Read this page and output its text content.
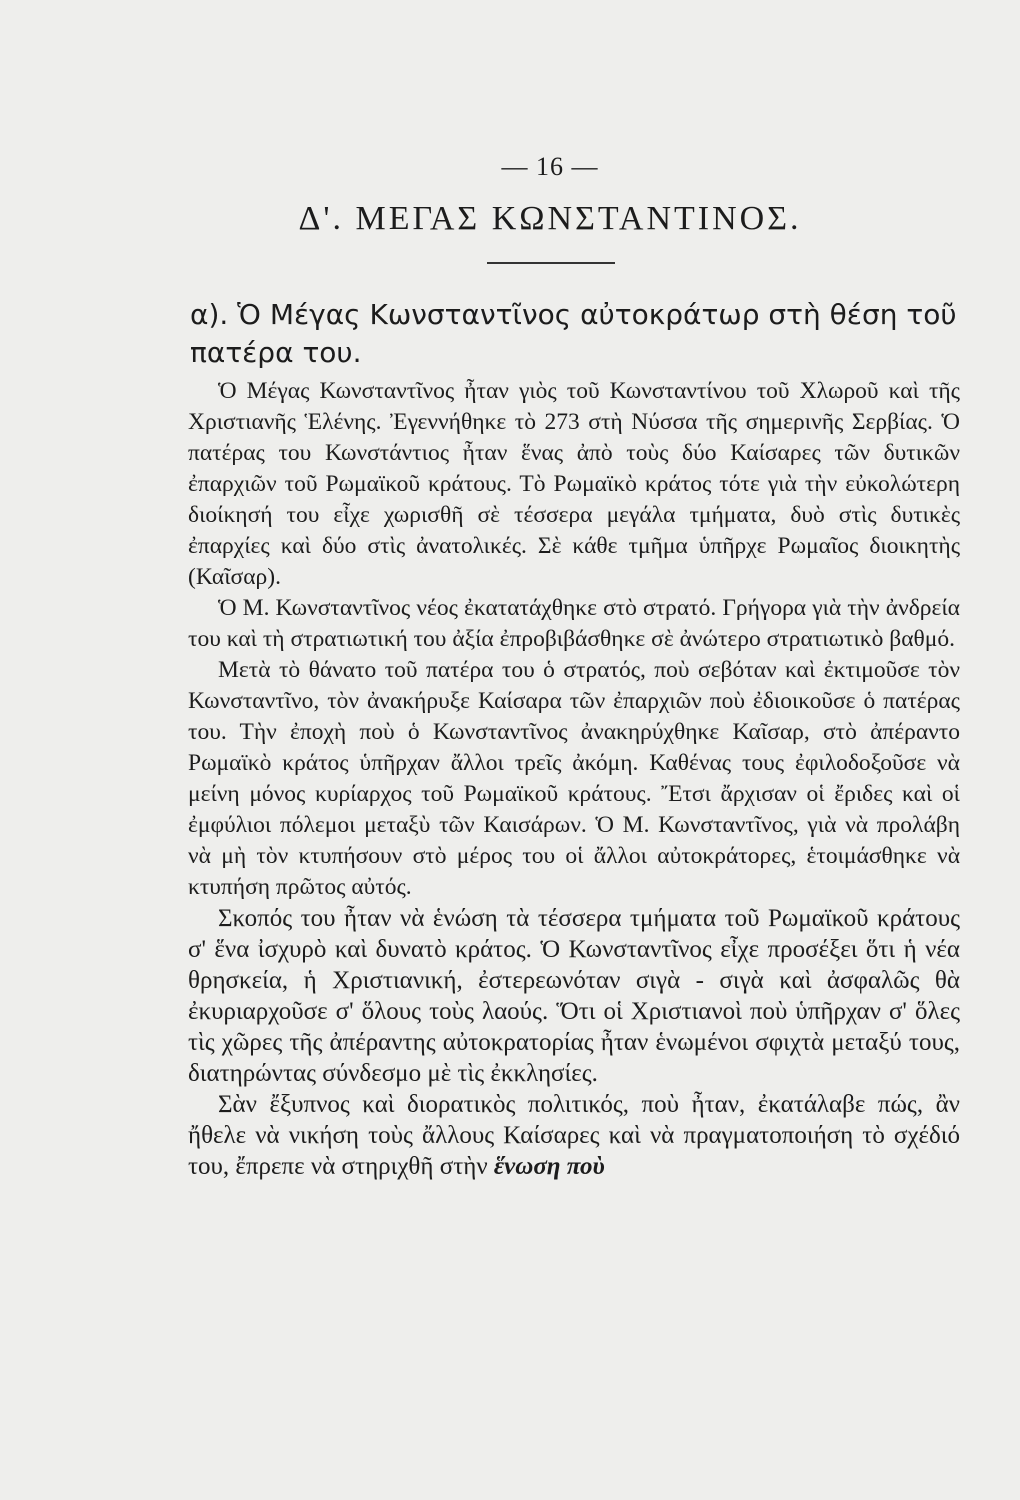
— 16 —
Δ'. ΜΕΓΑΣ ΚΩΝΣΤΑΝΤΙΝΟΣ.
α). Ὁ Μέγας Κωνσταντῖνος αὐτοκράτωρ στὴ θέση τοῦ πατέρα του.

Ὁ Μέγας Κωνσταντῖνος ἦταν γιὸς τοῦ Κωνσταντίνου τοῦ Χλωροῦ καὶ τῆς Χριστιανῆς Ἑλένης. Ἐγεννήθηκε τὸ 273 στὴ Νύσσα τῆς σημερινῆς Σερβίας. Ὁ πατέρας του Κωνστάντιος ἦταν ἕνας ἀπὸ τοὺς δύο Καίσαρες τῶν δυτικῶν ἐπαρχιῶν τοῦ Ρωμαϊκοῦ κράτους. Τὸ Ρωμαϊκὸ κράτος τότε γιὰ τὴν εὐκολώτερη διοίκησή του εἶχε χωρισθῆ σὲ τέσσερα μεγάλα τμήματα, δυὸ στὶς δυτικὲς ἐπαρχίες καὶ δύο στὶς ἀνατολικές. Σὲ κάθε τμῆμα ὑπῆρχε Ρωμαῖος διοικητὴς (Καῖσαρ).

Ὁ Μ. Κωνσταντῖνος νέος ἐκατατάχθηκε στὸ στρατό. Γρήγορα γιὰ τὴν ἀνδρεία του καὶ τὴ στρατιωτική του ἀξία ἐπροβιβάσθηκε σὲ ἀνώτερο στρατιωτικὸ βαθμό.

Μετὰ τὸ θάνατο τοῦ πατέρα του ὁ στρατός, ποὺ σεβόταν καὶ ἐκτιμοῦσε τὸν Κωνσταντῖνο, τὸν ἀνακήρυξε Καίσαρα τῶν ἐπαρχιῶν ποὺ ἐδιοικοῦσε ὁ πατέρας του. Τὴν ἐποχὴ ποὺ ὁ Κωνσταντῖνος ἀνακηρύχθηκε Καῖσαρ, στὸ ἀπέραντο Ρωμαϊκὸ κράτος ὑπῆρχαν ἄλλοι τρεῖς ἀκόμη. Καθένας τους ἐφιλοδοξοῦσε νὰ μείνη μόνος κυρίαρχος τοῦ Ρωμαϊκοῦ κράτους. Ἔτσι ἄρχισαν οἱ ἔριδες καὶ οἱ ἐμφύλιοι πόλεμοι μεταξὺ τῶν Καισάρων. Ὁ Μ. Κωνσταντῖνος, γιὰ νὰ προλάβη νὰ μὴ τὸν κτυπήσουν στὸ μέρος του οἱ ἄλλοι αὐτοκράτορες, ἑτοιμάσθηκε νὰ κτυπήση πρῶτος αὐτός.

Σκοπός του ἦταν νὰ ἑνώση τὰ τέσσερα τμήματα τοῦ Ρωμαϊκοῦ κράτους σ' ἕνα ἰσχυρὸ καὶ δυνατὸ κράτος. Ὁ Κωνσταντῖνος εἶχε προσέξει ὅτι ἡ νέα θρησκεία, ἡ Χριστιανική, ἐστερεωνόταν σιγὰ - σιγὰ καὶ ἀσφαλῶς θὰ ἐκυριαρχοῦσε σ' ὅλους τοὺς λαούς. Ὅτι οἱ Χριστιανοὶ ποὺ ὑπῆρχαν σ' ὅλες τὶς χῶρες τῆς ἀπέραντης αὐτοκρατορίας ἦταν ἑνωμένοι σφιχτὰ μεταξύ τους, διατηρώντας σύνδεσμο μὲ τὶς ἐκκλησίες.

Σὰν ἔξυπνος καὶ διορατικὸς πολιτικός, ποὺ ἦταν, ἐκατάλαβε πώς, ἂν ἤθελε νὰ νικήση τοὺς ἄλλους Καίσαρες καὶ νὰ πραγματοποιήση τὸ σχέδιό του, ἔπρεπε νὰ στηριχθῆ στὴν ἕνωση ποὺ
